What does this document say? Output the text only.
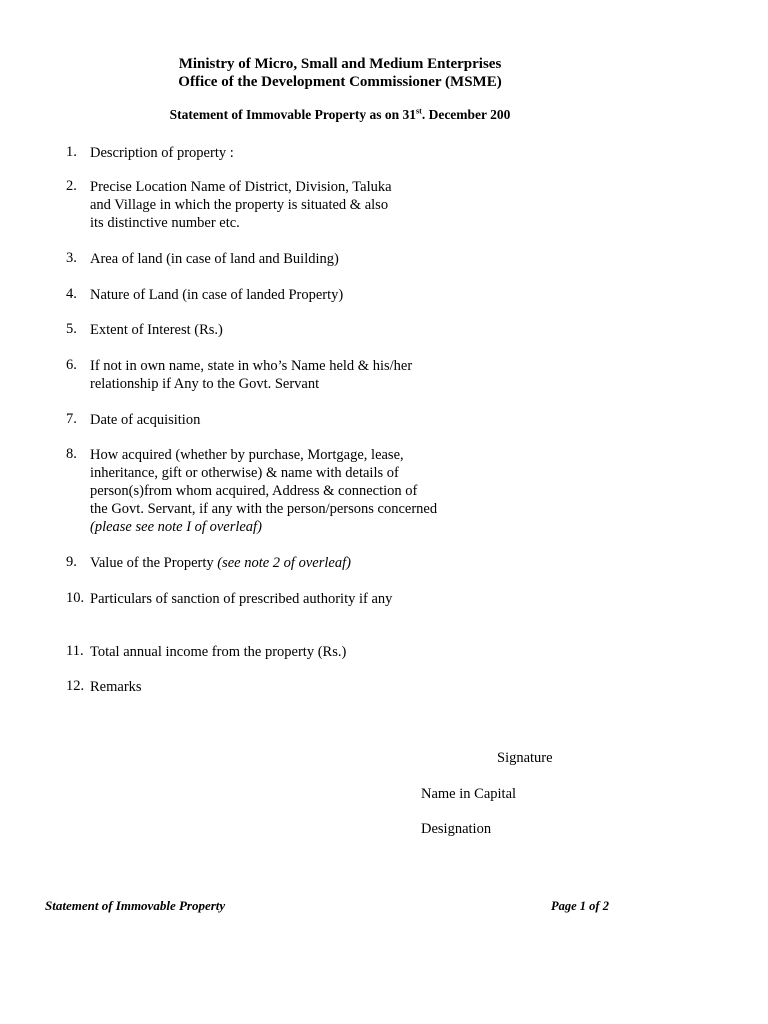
Ministry of Micro, Small and Medium Enterprises
Office of the Development Commissioner (MSME)
Statement of Immovable Property as on 31st. December 200
1. Description of property :
2. Precise Location Name of District, Division, Taluka
and Village in which the property is situated & also
its distinctive number etc.
3. Area of land (in case of land and Building)
4. Nature of Land (in case of landed Property)
5. Extent of Interest (Rs.)
6. If not in own name, state in who’s Name held & his/her
relationship if Any to the Govt. Servant
7. Date of acquisition
8. How acquired (whether by purchase, Mortgage, lease,
inheritance, gift or otherwise) & name with details of
person(s)from whom acquired, Address & connection of
the Govt. Servant, if any with the person/persons concerned
(please see note I of overleaf)
9. Value of the Property (see note 2 of overleaf)
10. Particulars of sanction of prescribed authority if any
11. Total annual income from the property (Rs.)
12. Remarks
Signature
Name in Capital
Designation
Statement of Immovable Property	Page 1 of 2
